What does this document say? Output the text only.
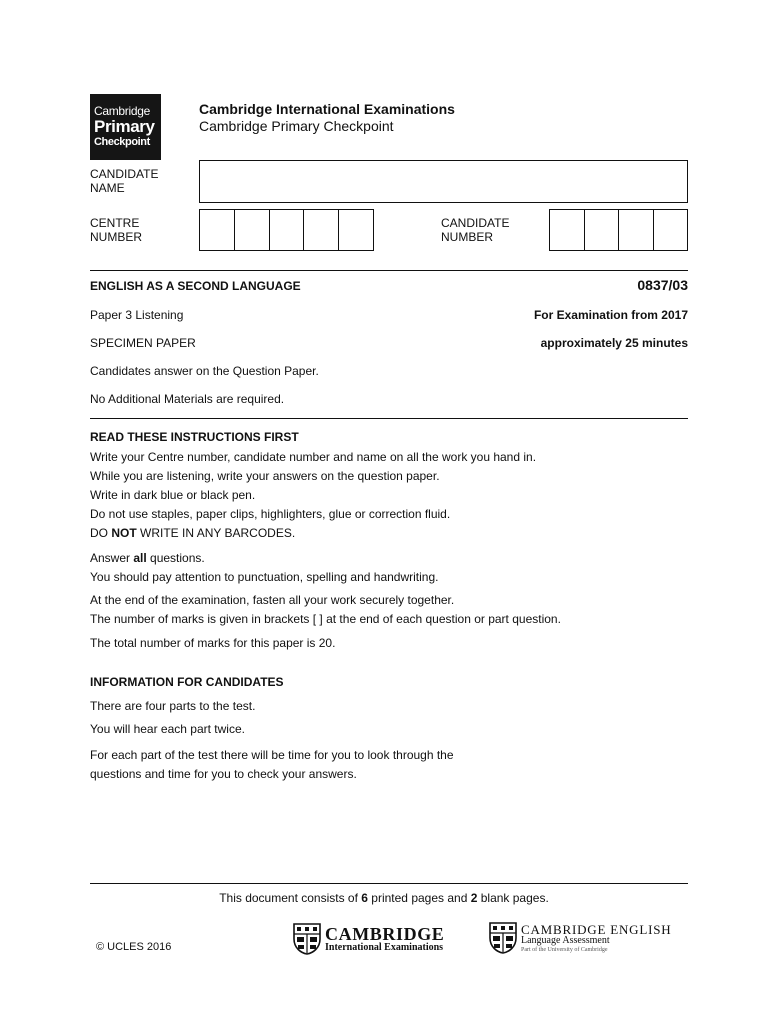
Cambridge
Primary
Checkpoint
Cambridge International Examinations
Cambridge Primary Checkpoint
CANDIDATE
NAME
CENTRE
NUMBER
CANDIDATE
NUMBER
ENGLISH AS A SECOND LANGUAGE	0837/03
Paper 3 Listening	For Examination from 2017
SPECIMEN PAPER	approximately 25 minutes
Candidates answer on the Question Paper.
No Additional Materials are required.
READ THESE INSTRUCTIONS FIRST
Write your Centre number, candidate number and name on all the work you hand in.
While you are listening, write your answers on the question paper.
Write in dark blue or black pen.
Do not use staples, paper clips, highlighters, glue or correction fluid.
DO NOT WRITE IN ANY BARCODES.
Answer all questions.
You should pay attention to punctuation, spelling and handwriting.
At the end of the examination, fasten all your work securely together.
The number of marks is given in brackets [ ] at the end of each question or part question.
The total number of marks for this paper is 20.
INFORMATION FOR CANDIDATES
There are four parts to the test.
You will hear each part twice.
For each part of the test there will be time for you to look through the
questions and time for you to check your answers.
This document consists of 6 printed pages and 2 blank pages.
© UCLES 2016
CAMBRIDGE
International Examinations
CAMBRIDGE ENGLISH
Language Assessment
Part of the University of Cambridge
